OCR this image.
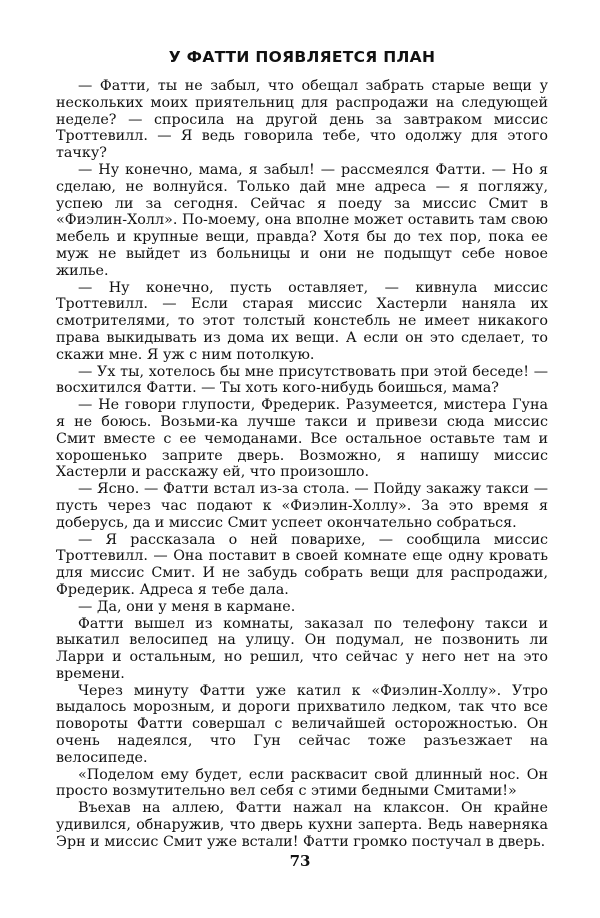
У ФАТТИ ПОЯВЛЯЕТСЯ ПЛАН

— Фатти, ты не забыл, что обещал забрать старые вещи у нескольких моих приятельниц для распродажи на следующей неделе? — спросила на другой день за завтраком миссис Троттевилл. — Я ведь говорила тебе, что одолжу для этого тачку?

— Ну конечно, мама, я забыл! — рассмеялся Фатти. — Но я сделаю, не волнуйся. Только дай мне адреса — я погляжу, успею ли за сегодня. Сейчас я поеду за миссис Смит в «Фиэлин-Холл». По-моему, она вполне может оставить там свою мебель и крупные вещи, правда? Хотя бы до тех пор, пока ее муж не выйдет из больницы и они не подыщут себе новое жилье.

— Ну конечно, пусть оставляет, — кивнула миссис Троттевилл. — Если старая миссис Хастерли наняла их смотрителями, то этот толстый констебль не имеет никакого права выкидывать из дома их вещи. А если он это сделает, то скажи мне. Я уж с ним потолкую.

— Ух ты, хотелось бы мне присутствовать при этой беседе! — восхитился Фатти. — Ты хоть кого-нибудь боишься, мама?

— Не говори глупости, Фредерик. Разумеется, мистера Гуна я не боюсь. Возьми-ка лучше такси и привези сюда миссис Смит вместе с ее чемоданами. Все остальное оставьте там и хорошенько заприте дверь. Возможно, я напишу миссис Хастерли и расскажу ей, что произошло.

— Ясно. — Фатти встал из-за стола. — Пойду закажу такси — пусть через час подают к «Фиэлин-Холлу». За это время я доберусь, да и миссис Смит успеет окончательно собраться.

— Я рассказала о ней поварихе, — сообщила миссис Троттевилл. — Она поставит в своей комнате еще одну кровать для миссис Смит. И не забудь собрать вещи для распродажи, Фредерик. Адреса я тебе дала.

— Да, они у меня в кармане.

Фатти вышел из комнаты, заказал по телефону такси и выкатил велосипед на улицу. Он подумал, не позвонить ли Ларри и остальным, но решил, что сейчас у него нет на это времени.

Через минуту Фатти уже катил к «Фиэлин-Холлу». Утро выдалось морозным, и дороги прихватило ледком, так что все повороты Фатти совершал с величайшей осторожностью. Он очень надеялся, что Гун сейчас тоже разъезжает на велосипеде.

«Поделом ему будет, если расквасит свой длинный нос. Он просто возмутительно вел себя с этими бедными Смитами!»

Въехав на аллею, Фатти нажал на клаксон. Он крайне удивился, обнаружив, что дверь кухни заперта. Ведь наверняка Эрн и миссис Смит уже встали! Фатти громко постучал в дверь.

73
